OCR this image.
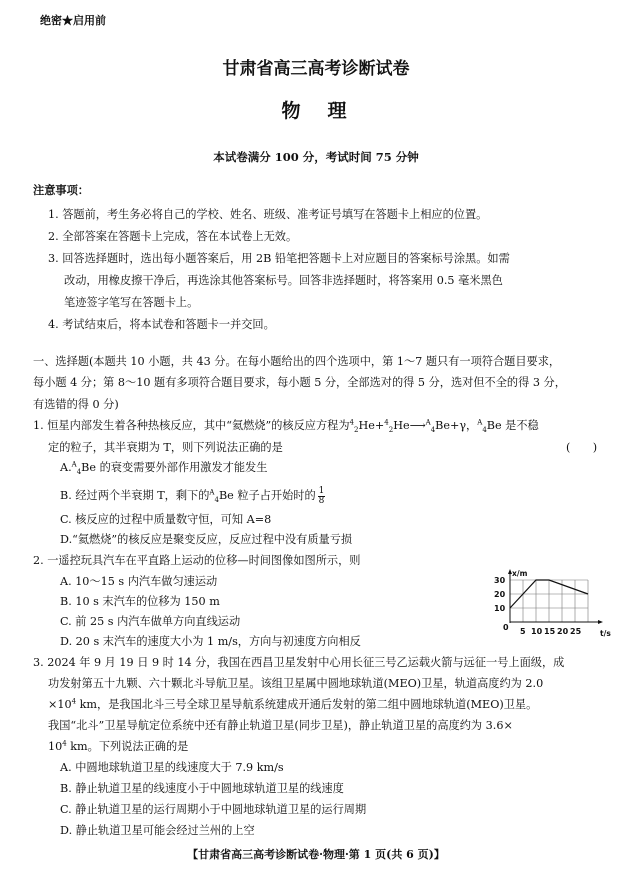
绝密★启用前
甘肃省高三高考诊断试卷
物　理
本试卷满分 100 分，考试时间 75 分钟
注意事项：
1. 答题前，考生务必将自己的学校、姓名、班级、准考证号填写在答题卡上相应的位置。
2. 全部答案在答题卡上完成，答在本试卷上无效。
3. 回答选择题时，选出每小题答案后，用 2B 铅笔把答题卡上对应题目的答案标号涂黑。如需
改动，用橡皮擦干净后，再选涂其他答案标号。回答非选择题时，将答案用 0.5 毫米黑色
笔迹签字笔写在答题卡上。
4. 考试结束后，将本试卷和答题卡一并交回。
一、选择题(本题共 10 小题，共 43 分。在每小题给出的四个选项中，第 1～7 题只有一项符合题目要求，
每小题 4 分；第 8～10 题有多项符合题目要求，每小题 5 分，全部选对的得 5 分，选对但不全的得 3 分，
有选错的得 0 分)
1. 恒星内部发生着各种热核反应，其中“氦燃烧”的核反应方程为$^4_2$He+$^4_2$He⟶$^A_4$Be+γ，$^A_4$Be 是不稳
定的粒子，其半衰期为 T，则下列说法正确的是	(　　)
A.$^A_4$Be 的衰变需要外部作用激发才能发生
B. 经过两个半衰期 T，剩下的$^A_4$Be 粒子占开始时的 $\frac{1}{8}$
C. 核反应的过程中质量数守恒，可知 A=8
D.“氦燃烧”的核反应是聚变反应，反应过程中没有质量亏损
2. 一遥控玩具汽车在平直路上运动的位移—时间图像如图所示，则
A. 10～15 s 内汽车做匀速运动
B. 10 s 末汽车的位移为 150 m
C. 前 25 s 内汽车做单方向直线运动
D. 20 s 末汽车的速度大小为 1 m/s，方向与初速度方向相反
x/m
t/s
30
20
10
0 5 10 15 20 25
3. 2024 年 9 月 19 日 9 时 14 分，我国在西昌卫星发射中心用长征三号乙运载火箭与远征一号上面级，成
功发射第五十九颗、六十颗北斗导航卫星。该组卫星属中圆地球轨道(MEO)卫星，轨道高度约为 2.0
$\times 10^4$ km，是我国北斗三号全球卫星导航系统建成开通后发射的第二组中圆地球轨道(MEO)卫星。
我国“北斗”卫星导航定位系统中还有静止轨道卫星(同步卫星)，静止轨道卫星的高度约为 3.6×
$10^4$ km。下列说法正确的是
A. 中圆地球轨道卫星的线速度大于 7.9 km/s
B. 静止轨道卫星的线速度小于中圆地球轨道卫星的线速度
C. 静止轨道卫星的运行周期小于中圆地球轨道卫星的运行周期
D. 静止轨道卫星可能会经过兰州的上空
【甘肃省高三高考诊断试卷·物理·第 1 页(共 6 页)】
